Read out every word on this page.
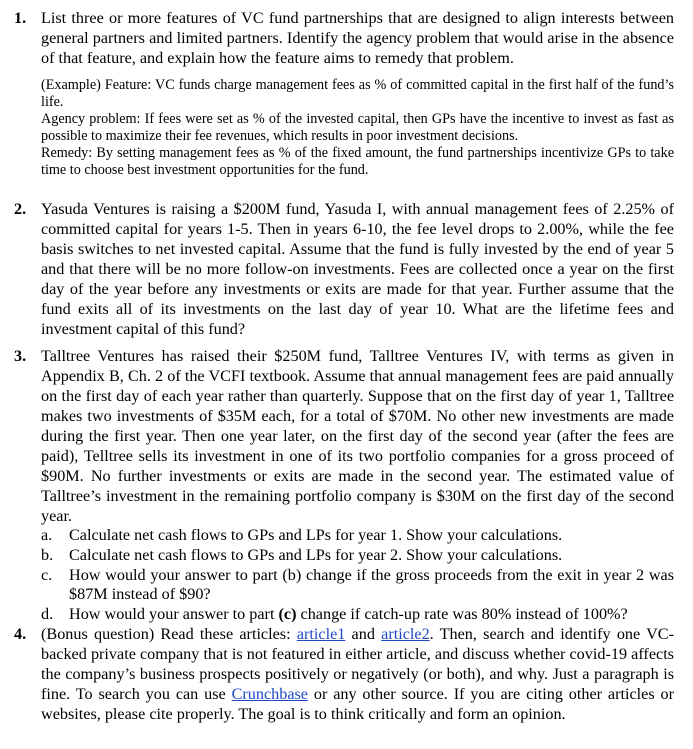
1. List three or more features of VC fund partnerships that are designed to align interests between general partners and limited partners. Identify the agency problem that would arise in the absence of that feature, and explain how the feature aims to remedy that problem.

(Example) Feature: VC funds charge management fees as % of committed capital in the first half of the fund’s life.

Agency problem: If fees were set as % of the invested capital, then GPs have the incentive to invest as fast as possible to maximize their fee revenues, which results in poor investment decisions.

Remedy: By setting management fees as % of the fixed amount, the fund partnerships incentivize GPs to take time to choose best investment opportunities for the fund.

2. Yasuda Ventures is raising a $200M fund, Yasuda I, with annual management fees of 2.25% of committed capital for years 1-5. Then in years 6-10, the fee level drops to 2.00%, while the fee basis switches to net invested capital. Assume that the fund is fully invested by the end of year 5 and that there will be no more follow-on investments. Fees are collected once a year on the first day of the year before any investments or exits are made for that year. Further assume that the fund exits all of its investments on the last day of year 10. What are the lifetime fees and investment capital of this fund?
3. Talltree Ventures has raised their $250M fund, Talltree Ventures IV, with terms as given in Appendix B, Ch. 2 of the VCFI textbook. Assume that annual management fees are paid annually on the first day of each year rather than quarterly. Suppose that on the first day of year 1, Talltree makes two investments of $35M each, for a total of $70M. No other new investments are made during the first year. Then one year later, on the first day of the second year (after the fees are paid), Telltree sells its investment in one of its two portfolio companies for a gross proceed of $90M. No further investments or exits are made in the second year. The estimated value of Talltree’s investment in the remaining portfolio company is $30M on the first day of the second year.
a. Calculate net cash flows to GPs and LPs for year 1. Show your calculations.
b. Calculate net cash flows to GPs and LPs for year 2. Show your calculations.
c. How would your answer to part (b) change if the gross proceeds from the exit in year 2 was $87M instead of $90?
d. How would your answer to part (c) change if catch-up rate was 80% instead of 100%?
4. (Bonus question) Read these articles: article1 and article2. Then, search and identify one VC-backed private company that is not featured in either article, and discuss whether covid-19 affects the company’s business prospects positively or negatively (or both), and why. Just a paragraph is fine. To search you can use Crunchbase or any other source. If you are citing other articles or websites, please cite properly. The goal is to think critically and form an opinion.
